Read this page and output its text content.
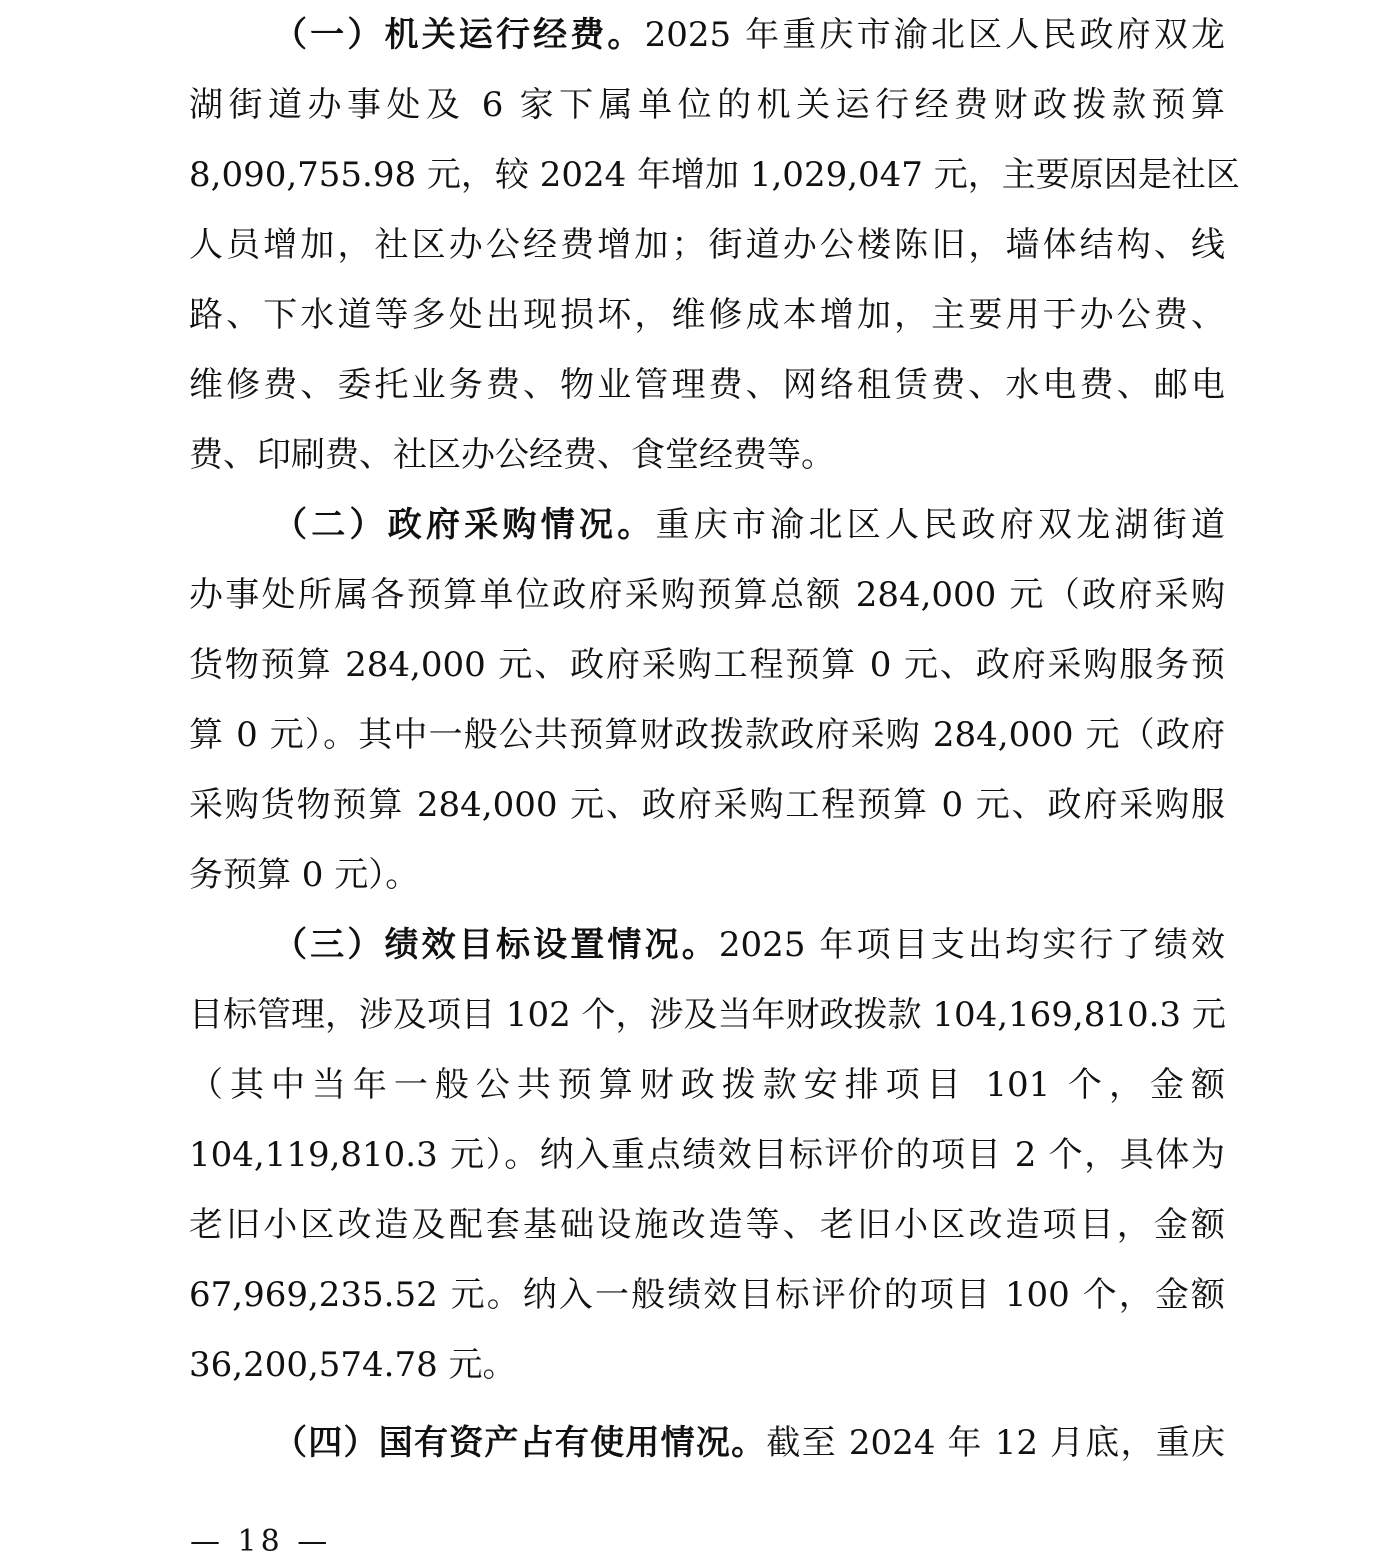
（一）机关运行经费。2025 年重庆市渝北区人民政府双龙
湖街道办事处及 6 家下属单位的机关运行经费财政拨款预算
8,090,755.98 元，较 2024 年增加 1,029,047 元，主要原因是社区
人员增加，社区办公经费增加；街道办公楼陈旧，墙体结构、线
路、下水道等多处出现损坏，维修成本增加，主要用于办公费、
维修费、委托业务费、物业管理费、网络租赁费、水电费、邮电
费、印刷费、社区办公经费、食堂经费等。
（二）政府采购情况。重庆市渝北区人民政府双龙湖街道
办事处所属各预算单位政府采购预算总额 284,000 元（政府采购
货物预算 284,000 元、政府采购工程预算 0 元、政府采购服务预
算 0 元）。其中一般公共预算财政拨款政府采购 284,000 元（政府
采购货物预算 284,000 元、政府采购工程预算 0 元、政府采购服
务预算 0 元）。
（三）绩效目标设置情况。2025 年项目支出均实行了绩效
目标管理，涉及项目 102 个，涉及当年财政拨款 104,169,810.3 元
（其中当年一般公共预算财政拨款安排项目 101 个，金额
104,119,810.3 元）。纳入重点绩效目标评价的项目 2 个，具体为
老旧小区改造及配套基础设施改造等、老旧小区改造项目，金额
67,969,235.52 元。纳入一般绩效目标评价的项目 100 个，金额
36,200,574.78 元。
（四）国有资产占有使用情况。截至 2024 年 12 月底，重庆
— 18 —
